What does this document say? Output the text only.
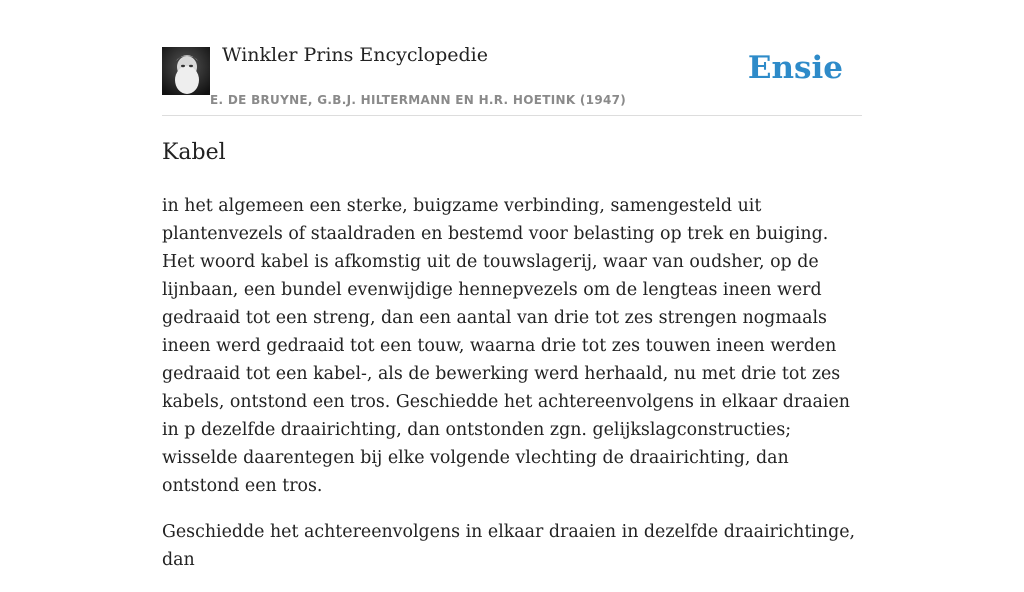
Winkler Prins Encyclopedie
E. DE BRUYNE, G.B.J. HILTERMANN EN H.R. HOETINK (1947)
Ensie
Kabel

in het algemeen een sterke, buigzame verbinding, samengesteld uit plantenvezels of staaldraden en bestemd voor belasting op trek en buiging. Het woord kabel is afkomstig uit de touwslagerij, waar van oudsher, op de lijnbaan, een bundel evenwijdige hennepvezels om de lengteas ineen werd gedraaid tot een streng, dan een aantal van drie tot zes strengen nogmaals ineen werd gedraaid tot een touw, waarna drie tot zes touwen ineen werden gedraaid tot een kabel-, als de bewerking werd herhaald, nu met drie tot zes kabels, ontstond een tros. Geschiedde het achtereenvolgens in elkaar draaien in p dezelfde draairichting, dan ontstonden zgn. gelijkslagconstructies; wisselde daarentegen bij elke volgende vlechting de draairichting, dan ontstond een tros.

Geschiedde het achtereenvolgens in elkaar draaien in dezelfde draairichtinge, dan
